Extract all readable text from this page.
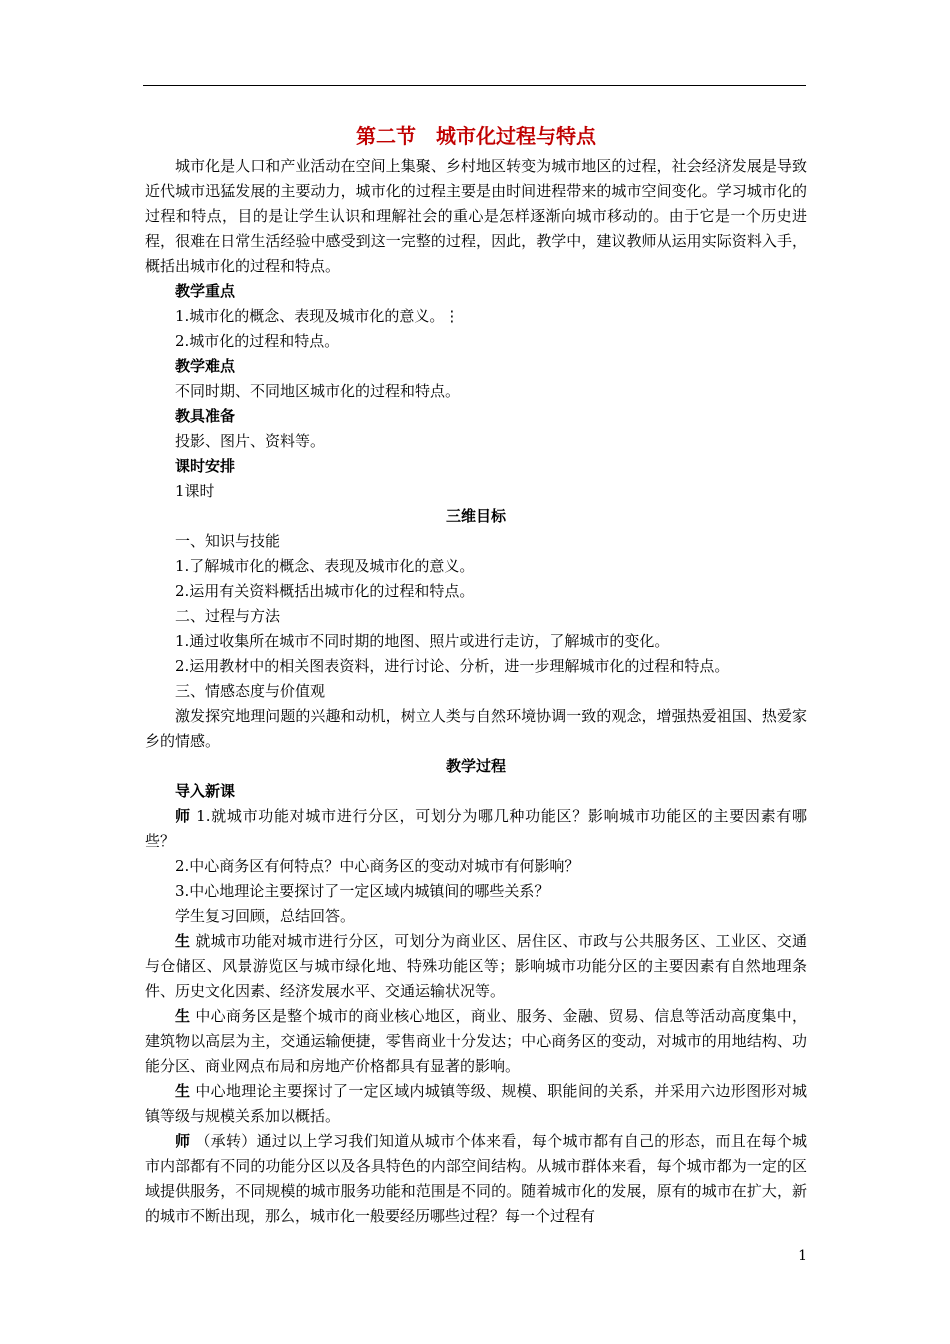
第二节　城市化过程与特点

城市化是人口和产业活动在空间上集聚、乡村地区转变为城市地区的过程，社会经济发展是导致近代城市迅猛发展的主要动力，城市化的过程主要是由时间进程带来的城市空间变化。学习城市化的过程和特点，目的是让学生认识和理解社会的重心是怎样逐渐向城市移动的。由于它是一个历史进程，很难在日常生活经验中感受到这一完整的过程，因此，教学中，建议教师从运用实际资料入手，概括出城市化的过程和特点。

教学重点

1.城市化的概念、表现及城市化的意义。⋮

2.城市化的过程和特点。

教学难点

不同时期、不同地区城市化的过程和特点。

教具准备

投影、图片、资料等。

课时安排

1课时

三维目标

一、知识与技能

1.了解城市化的概念、表现及城市化的意义。

2.运用有关资料概括出城市化的过程和特点。

二、过程与方法

1.通过收集所在城市不同时期的地图、照片或进行走访，了解城市的变化。

2.运用教材中的相关图表资料，进行讨论、分析，进一步理解城市化的过程和特点。

三、情感态度与价值观

激发探究地理问题的兴趣和动机，树立人类与自然环境协调一致的观念，增强热爱祖国、热爱家乡的情感。

教学过程

导入新课

师 1.就城市功能对城市进行分区，可划分为哪几种功能区？影响城市功能区的主要因素有哪些？

2.中心商务区有何特点？中心商务区的变动对城市有何影响？

3.中心地理论主要探讨了一定区域内城镇间的哪些关系？

学生复习回顾，总结回答。

生 就城市功能对城市进行分区，可划分为商业区、居住区、市政与公共服务区、工业区、交通与仓储区、风景游览区与城市绿化地、特殊功能区等；影响城市功能分区的主要因素有自然地理条件、历史文化因素、经济发展水平、交通运输状况等。

生 中心商务区是整个城市的商业核心地区，商业、服务、金融、贸易、信息等活动高度集中，建筑物以高层为主，交通运输便捷，零售商业十分发达；中心商务区的变动，对城市的用地结构、功能分区、商业网点布局和房地产价格都具有显著的影响。

生 中心地理论主要探讨了一定区域内城镇等级、规模、职能间的关系，并采用六边形图形对城镇等级与规模关系加以概括。

师 （承转）通过以上学习我们知道从城市个体来看，每个城市都有自己的形态，而且在每个城市内部都有不同的功能分区以及各具特色的内部空间结构。从城市群体来看，每个城市都为一定的区域提供服务，不同规模的城市服务功能和范围是不同的。随着城市化的发展，原有的城市在扩大，新的城市不断出现，那么，城市化一般要经历哪些过程？每一个过程有

1
